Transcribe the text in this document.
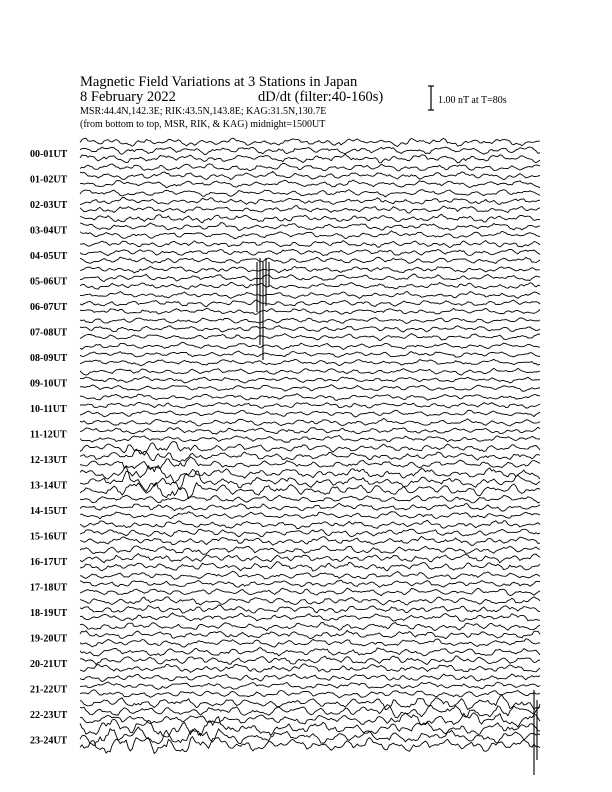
Magnetic Field Variations at 3 Stations in Japan
8 February 2022	dD/dt (filter:40-160s)
MSR:44.4N,142.3E; RIK:43.5N,143.8E; KAG:31.5N,130.7E
(from bottom to top, MSR, RIK, & KAG) midnight=1500UT
1.00 nT at T=80s
00-01UT
01-02UT
02-03UT
03-04UT
04-05UT
05-06UT
06-07UT
07-08UT
08-09UT
09-10UT
10-11UT
11-12UT
12-13UT
13-14UT
14-15UT
15-16UT
16-17UT
17-18UT
18-19UT
19-20UT
20-21UT
21-22UT
22-23UT
23-24UT
